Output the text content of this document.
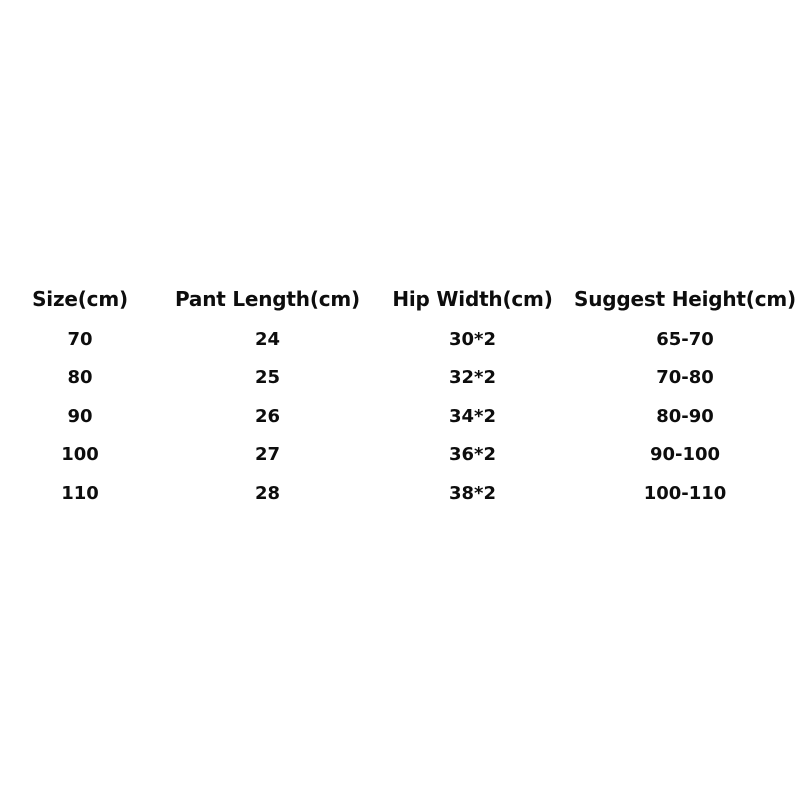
Size(cm)	Pant Length(cm)	Hip Width(cm)	Suggest Height(cm)
70	24	30*2	65-70
80	25	32*2	70-80
90	26	34*2	80-90
100	27	36*2	90-100
110	28	38*2	100-110
